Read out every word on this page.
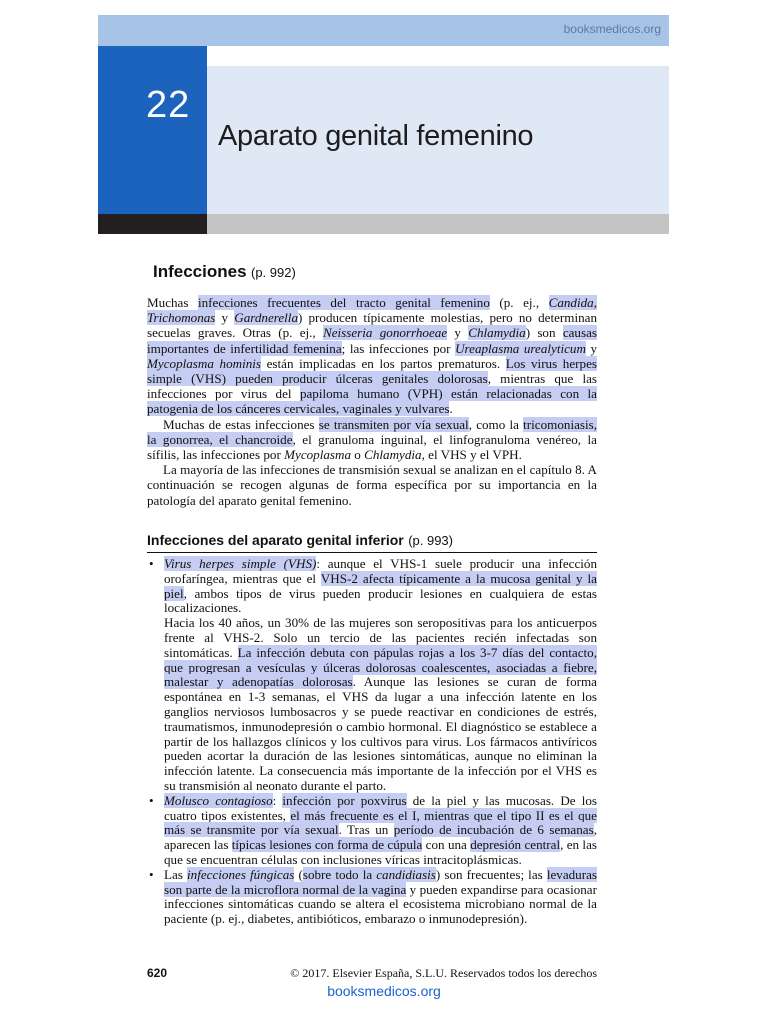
booksmedicos.org
22
Aparato genital femenino
Infecciones (p. 992)

Muchas infecciones frecuentes del tracto genital femenino (p. ej., Candida, Trichomonas y Gardnerella) producen típicamente molestias, pero no determinan secuelas graves. Otras (p. ej., Neisseria gonorrhoeae y Chlamydia) son causas importantes de infertilidad femenina; las infecciones por Ureaplasma urealyticum y Mycoplasma hominis están implicadas en los partos prematuros. Los virus herpes simple (VHS) pueden producir úlceras genitales dolorosas, mientras que las infecciones por virus del papiloma humano (VPH) están relacionadas con la patogenia de los cánceres cervicales, vaginales y vulvares.

Muchas de estas infecciones se transmiten por vía sexual, como la tricomoniasis, la gonorrea, el chancroide, el granuloma inguinal, el linfogranuloma venéreo, la sífilis, las infecciones por Mycoplasma o Chlamydia, el VHS y el VPH.

La mayoría de las infecciones de transmisión sexual se analizan en el capítulo 8. A continuación se recogen algunas de forma específica por su importancia en la patología del aparato genital femenino.

Infecciones del aparato genital inferior (p. 993)
• Virus herpes simple (VHS): aunque el VHS-1 suele producir una infección orofaríngea, mientras que el VHS-2 afecta típicamente a la mucosa genital y la piel, ambos tipos de virus pueden producir lesiones en cualquiera de estas localizaciones.
Hacia los 40 años, un 30% de las mujeres son seropositivas para los anticuerpos frente al VHS-2. Solo un tercio de las pacientes recién infectadas son sintomáticas. La infección debuta con pápulas rojas a los 3-7 días del contacto, que progresan a vesículas y úlceras dolorosas coalescentes, asociadas a fiebre, malestar y adenopatías dolorosas. Aunque las lesiones se curan de forma espontánea en 1-3 semanas, el VHS da lugar a una infección latente en los ganglios nerviosos lumbosacros y se puede reactivar en condiciones de estrés, traumatismos, inmunodepresión o cambio hormonal. El diagnóstico se establece a partir de los hallazgos clínicos y los cultivos para virus. Los fármacos antivíricos pueden acortar la duración de las lesiones sintomáticas, aunque no eliminan la infección latente. La consecuencia más importante de la infección por el VHS es su transmisión al neonato durante el parto.
• Molusco contagioso: infección por poxvirus de la piel y las mucosas. De los cuatro tipos existentes, el más frecuente es el I, mientras que el tipo II es el que más se transmite por vía sexual. Tras un período de incubación de 6 semanas, aparecen las típicas lesiones con forma de cúpula con una depresión central, en las que se encuentran células con inclusiones víricas intracitoplásmicas.
• Las infecciones fúngicas (sobre todo la candidiasis) son frecuentes; las levaduras son parte de la microflora normal de la vagina y pueden expandirse para ocasionar infecciones sintomáticas cuando se altera el ecosistema microbiano normal de la paciente (p. ej., diabetes, antibióticos, embarazo o inmunodepresión).
620	© 2017. Elsevier España, S.L.U. Reservados todos los derechos
booksmedicos.org
